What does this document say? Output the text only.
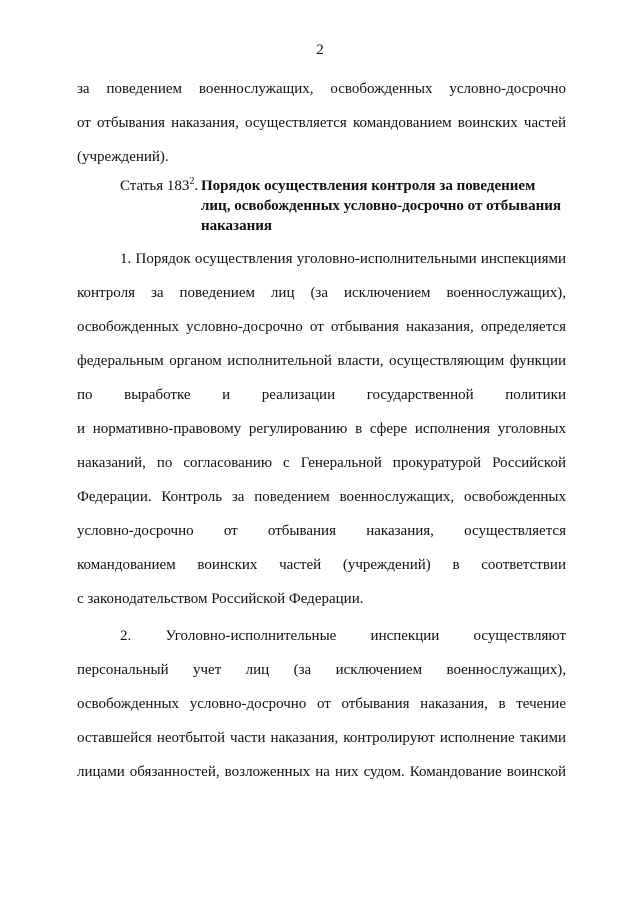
2
за поведением военнослужащих, освобожденных условно-досрочно
от отбывания наказания, осуществляется командованием воинских частей
(учреждений).
Статья $183^2$. Порядок осуществления контроля за поведением
лиц, освобожденных условно-досрочно от отбывания
наказания
1. Порядок осуществления уголовно-исполнительными инспекциями
контроля за поведением лиц (за исключением военнослужащих),
освобожденных условно-досрочно от отбывания наказания, определяется
федеральным органом исполнительной власти, осуществляющим функции
по выработке и реализации государственной политики
и нормативно-правовому регулированию в сфере исполнения уголовных
наказаний, по согласованию с Генеральной прокуратурой Российской
Федерации. Контроль за поведением военнослужащих, освобожденных
условно-досрочно от отбывания наказания, осуществляется
командованием воинских частей (учреждений) в соответствии
с законодательством Российской Федерации.
2. Уголовно-исполнительные инспекции осуществляют
персональный учет лиц (за исключением военнослужащих),
освобожденных условно-досрочно от отбывания наказания, в течение
оставшейся неотбытой части наказания, контролируют исполнение такими
лицами обязанностей, возложенных на них судом. Командование воинской
